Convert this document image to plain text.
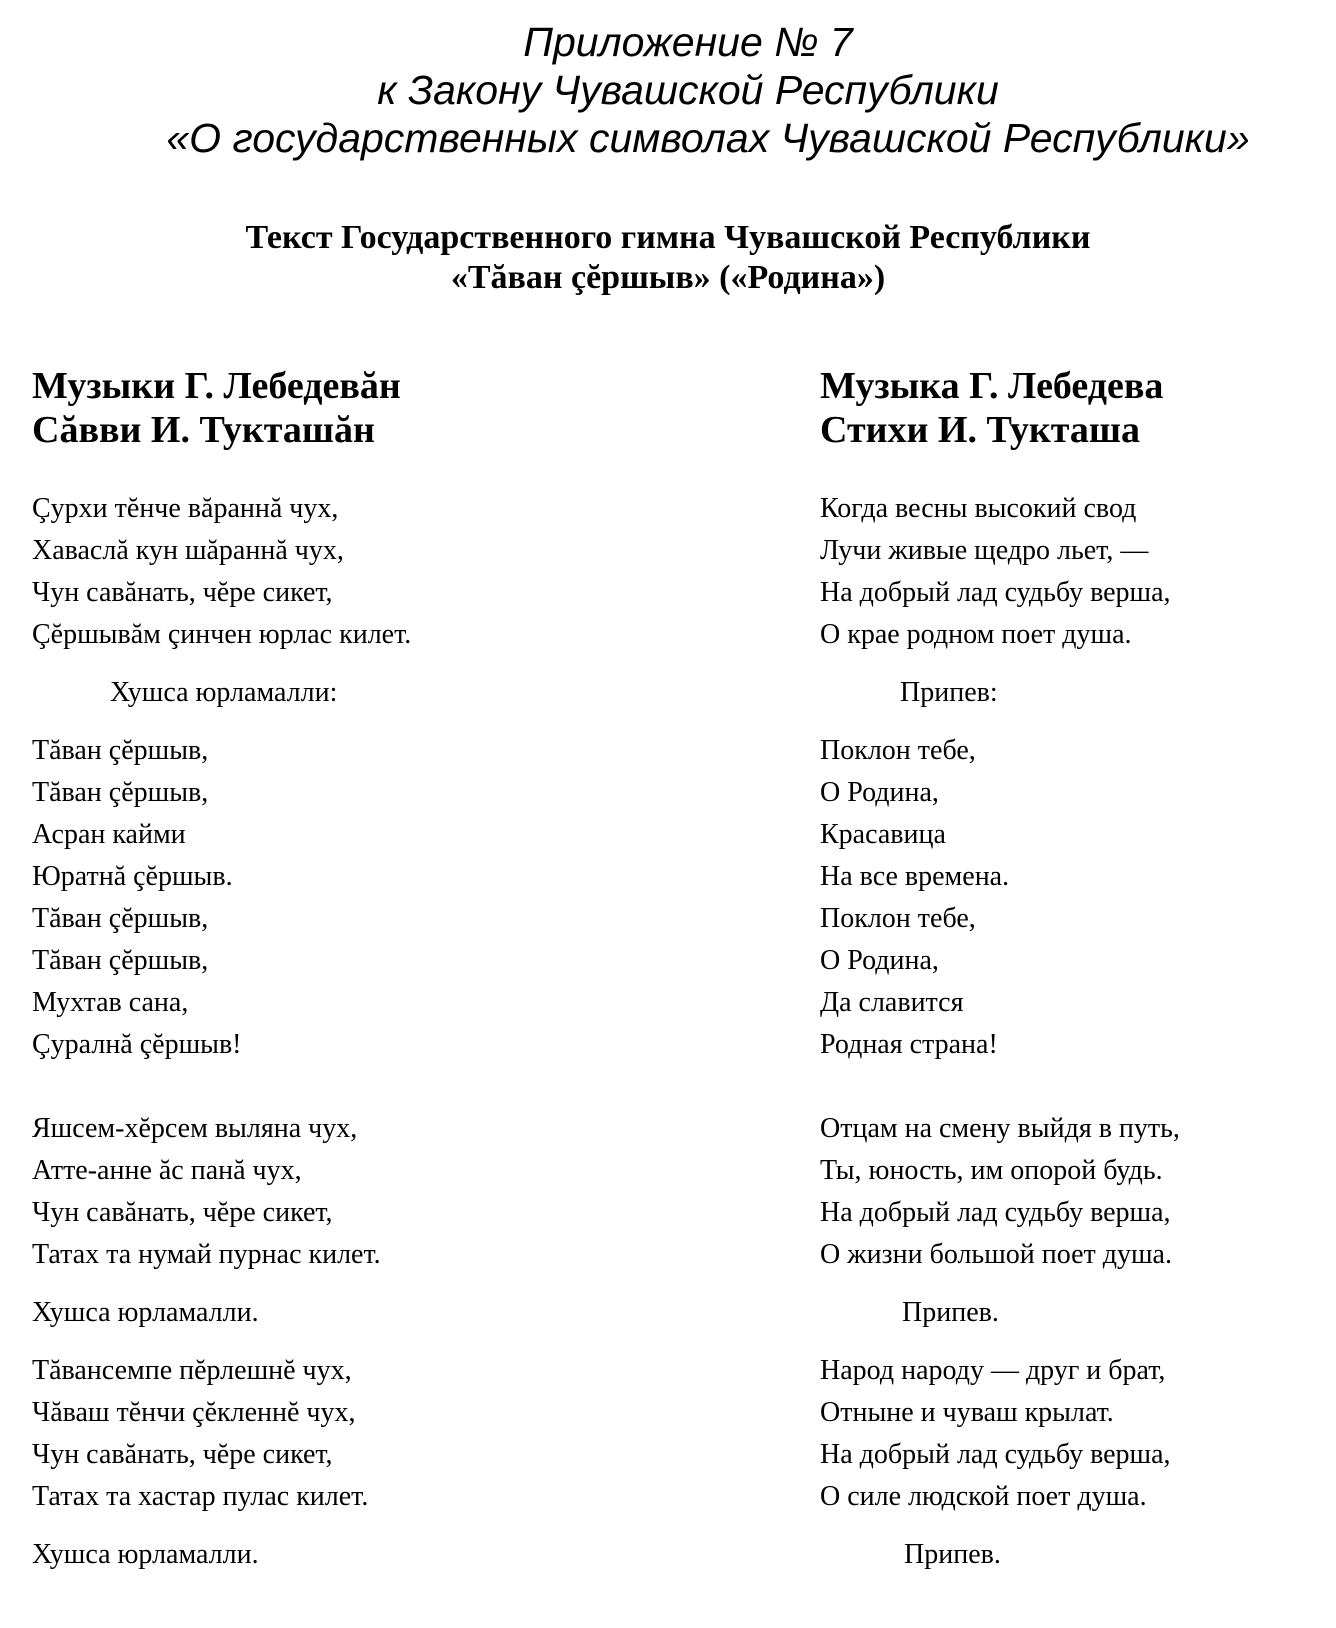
Приложение № 7
к Закону Чувашской Республики
«О государственных символах Чувашской Республики»
Текст Государственного гимна Чувашской Республики
«Тăван çĕршыв» («Родина»)
Музыки Г. Лебедевăн
Сăвви И. Тукташăн
Çурхи тĕнче вăраннă чух,
Хаваслă кун шăраннă чух,
Чун савăнать, чĕре сикет,
Çĕршывăм çинчен юрлас килет.
Хушса юрламалли:
Тăван çĕршыв,
Тăван çĕршыв,
Асран кайми
Юратнă çĕршыв.
Тăван çĕршыв,
Тăван çĕршыв,
Мухтав сана,
Çуралнă çĕршыв!
Яшсем-хĕрсем выляна чух,
Атте-анне ăс панă чух,
Чун савăнать, чĕре сикет,
Татах та нумай пурнас килет.
Хушса юрламалли.
Тăвансемпе пĕрлешнĕ чух,
Чăваш тĕнчи çĕкленнĕ чух,
Чун савăнать, чĕре сикет,
Татах та хастар пулас килет.
Хушса юрламалли.
Музыка Г. Лебедева
Стихи И. Тукташа
Когда весны высокий свод
Лучи живые щедро льет, —
На добрый лад судьбу верша,
О крае родном поет душа.
Припев:
Поклон тебе,
О Родина,
Красавица
На все времена.
Поклон тебе,
О Родина,
Да славится
Родная страна!
Отцам на смену выйдя в путь,
Ты, юность, им опорой будь.
На добрый лад судьбу верша,
О жизни большой поет душа.
Припев.
Народ народу — друг и брат,
Отныне и чуваш крылат.
На добрый лад судьбу верша,
О силе людской поет душа.
Припев.
